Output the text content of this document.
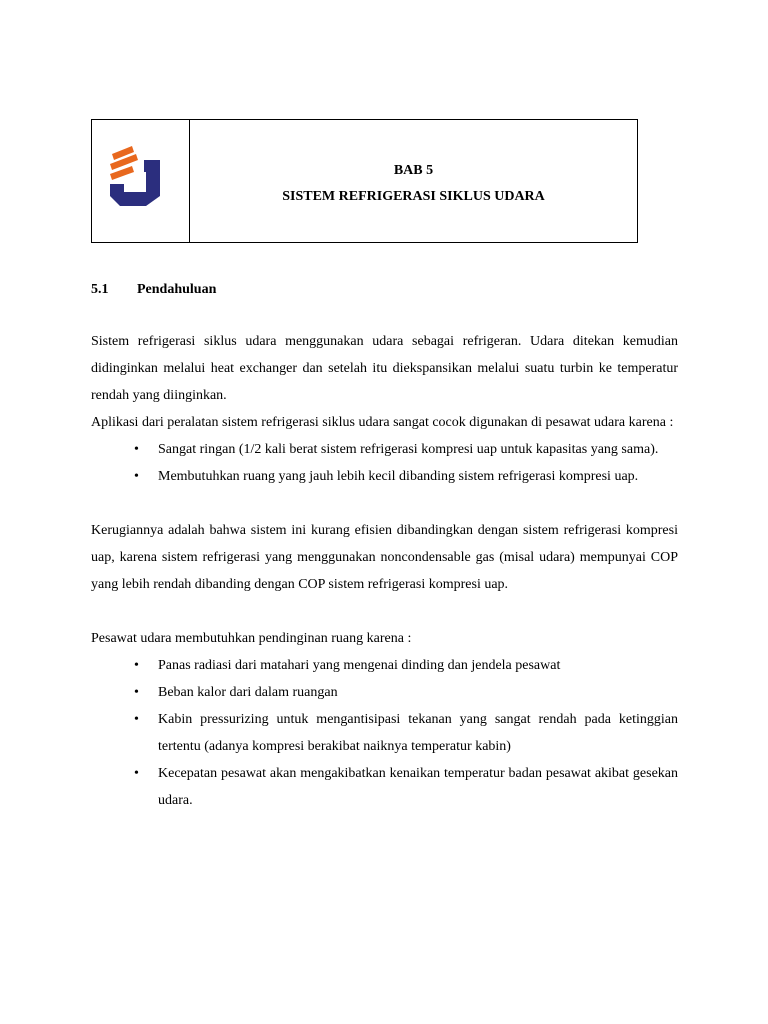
BAB 5
SISTEM REFRIGERASI SIKLUS UDARA
5.1 Pendahuluan

Sistem refrigerasi siklus udara menggunakan udara sebagai refrigeran. Udara ditekan kemudian didinginkan melalui heat exchanger dan setelah itu diekspansikan melalui suatu turbin ke temperatur rendah yang diinginkan.

Aplikasi dari peralatan sistem refrigerasi siklus udara sangat cocok digunakan di pesawat udara karena :

• Sangat ringan (1/2 kali berat sistem refrigerasi kompresi uap untuk kapasitas yang sama).
• Membutuhkan ruang yang jauh lebih kecil dibanding sistem refrigerasi kompresi uap.

Kerugiannya adalah bahwa sistem ini kurang efisien dibandingkan dengan sistem refrigerasi kompresi uap, karena sistem refrigerasi yang menggunakan noncondensable gas (misal udara) mempunyai COP yang lebih rendah dibanding dengan COP sistem refrigerasi kompresi uap.

Pesawat udara membutuhkan pendinginan ruang karena :

• Panas radiasi dari matahari yang mengenai dinding dan jendela pesawat
• Beban kalor dari dalam ruangan
• Kabin pressurizing untuk mengantisipasi tekanan yang sangat rendah pada ketinggian tertentu (adanya kompresi berakibat naiknya temperatur kabin)
• Kecepatan pesawat akan mengakibatkan kenaikan temperatur badan pesawat akibat gesekan udara.
